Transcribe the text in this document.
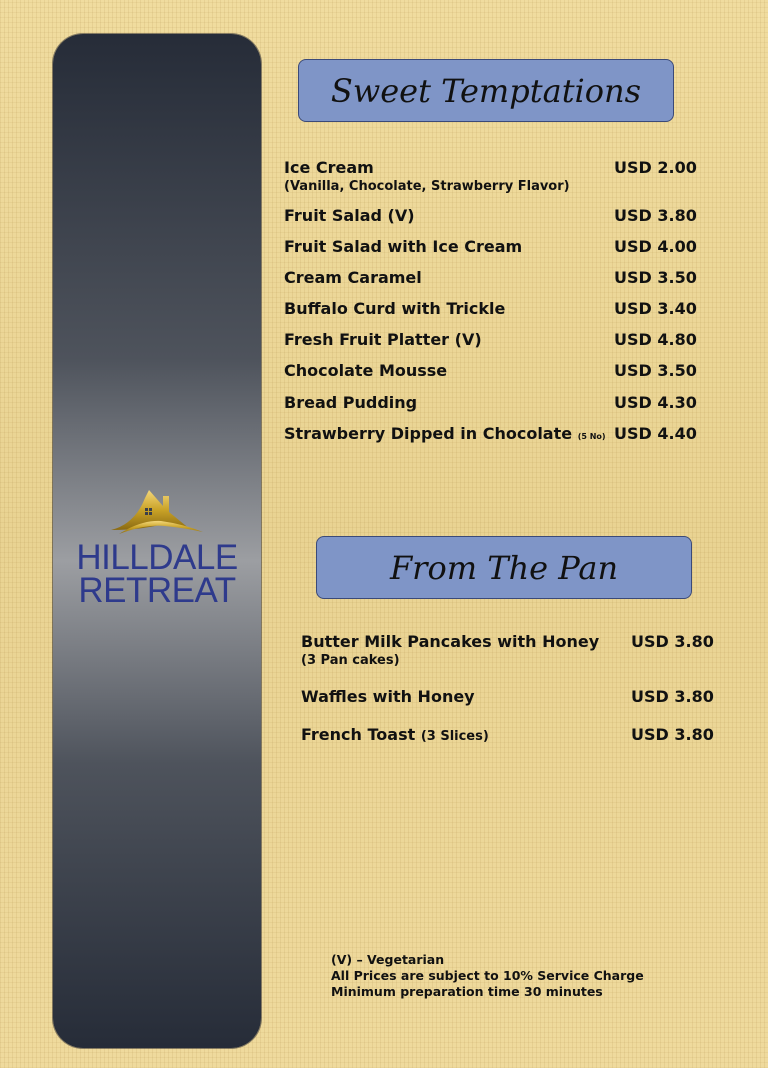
HILLDALE
RETREAT
Sweet Temptations
Ice Cream	USD 2.00
(Vanilla, Chocolate, Strawberry Flavor)
Fruit Salad (V)	USD 3.80
Fruit Salad with Ice Cream	USD 4.00
Cream Caramel	USD 3.50
Buffalo Curd with Trickle	USD 3.40
Fresh Fruit Platter (V)	USD 4.80
Chocolate Mousse	USD 3.50
Bread Pudding	USD 4.30
Strawberry Dipped in Chocolate (5 No) USD 4.40
From The Pan
Butter Milk Pancakes with Honey USD 3.80
(3 Pan cakes)
Waffles with Honey	USD 3.80
French Toast (3 Slices)	USD 3.80
(V) – Vegetarian
All Prices are subject to 10% Service Charge
Minimum preparation time 30 minutes
